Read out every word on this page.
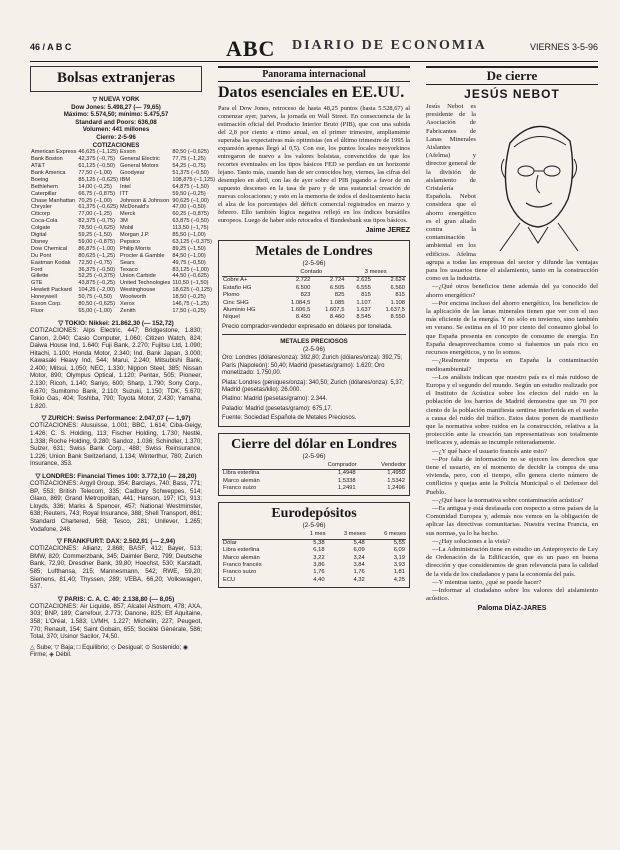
46 / A B C	ABC DIARIO DE ECONOMIA	VIERNES 3-5-96
Bolsas extranjeras
▽ NUEVA YORK
Dow Jones: 5.498,27 (— 79,65)
Máximo: 5.574,50; mínimo: 5.475,57
Standard and Poors: 636,08
Volumen: 441 millones
Cierre: 2-5-96
COTIZACIONES
American Express	46,625 (−1,125)	Exxon	80,50 (−0,625)
Bank Boston	42,375 (−0,75)	General Electric	77,75 (−1,25)
AT&T	61,125 (−0,50)	General Motors	54,25 (−0,75)
Bank America	77,50 (−1,00)	Goodyear	51,375 (−0,50)
Boeing	85,125 (−0,625)	IBM	108,875 (−1,125)
Bethlehem	14,00 (−0,25)	Intel	64,875 (−1,50)
Caterpillar	66,75 (−0,875)	ITT	59,50 (−0,25)
Chase Manhattan	70,25 (−1,00)	Johnson & Johnson	90,625 (−1,00)
Chrysler	61,375 (−0,625)	McDonald's	47,00 (−0,50)
Citicorp	77,00 (−1,25)	Merck	60,25 (−0,875)
Coca-Cola	82,375 (−0,75)	3M	63,875 (−0,50)
Colgate	78,50 (−0,625)	Mobil	113,50 (−1,75)
Digital	59,25 (−1,50)	Morgan J.P.	85,50 (−1,00)
Disney	59,00 (−0,875)	Pepsico	63,125 (−0,375)
Dow Chemical	86,875 (−1,00)	Philip Morris	89,25 (−1,50)
Du Pont	80,625 (−1,25)	Procter & Gamble	84,50 (−1,00)
Eastman Kodak	72,50 (−0,75)	Sears	49,75 (−0,50)
Ford	36,375 (−0,50)	Texaco	83,125 (−1,00)
Gillette	52,25 (−0,375)	Union Carbide	44,50 (−0,625)
GTE	43,875 (−0,25)	United Technologies	110,50 (−1,50)
Hewlett Packard	104,25 (−2,00)	Westinghouse	18,625 (−0,125)
Honeywell	50,75 (−0,50)	Woolworth	18,50 (−0,25)
Exxon Corp.	80,50 (−0,625)	Xerox	146,75 (−1,25)
Fluor	65,00 (−1,00)	Zenith	17,50 (−0,25)
▽ TOKIO: Nikkei: 21.862,30 (— 152,72)
COTIZACIONES: Alps Electric, 447; Bridgestone, 1.830; Canon, 2.040; Casio Computer, 1.060; Citizen Watch, 824; Daiwa House Ind, 1.640; Fuji Bank, 2.270; Fujitsu Ltd, 1.090; Hitachi, 1.100; Honda Motor, 2.340; Ind. Bank Japan, 3.000; Kawasaki Heavy Ind, 544; Marui, 2.240; Mitsubishi Bank, 2.400; Mitsui, 1.050; NEC, 1.330; Nippon Steel, 385; Nissan Motor, 890; Olympus Optical, 1.120; Pentax, 505; Pioneer, 2.130; Ricoh, 1.140; Sanyo, 600; Sharp, 1.790; Sony Corp., 6.670; Sumitomo Bank, 2.110; Suzuki, 1.150; TDK, 5.670; Tokio Gas, 404; Toshiba, 790; Toyota Motor, 2.430; Yamaha, 1.820.
▽ ZURICH: Swiss Performance: 2.047,07 (— 1,97)
COTIZACIONES: Alusuisse, 1.001; BBC, 1.614; Ciba-Geigy, 1.426; C. S. Holding, 113; Fischer Holding, 1.730; Nestlé, 1.338; Roche Holding, 9.280; Sandoz, 1.036; Schindler, 1.370; Sulzer, 631; Swiss Bank Corp., 488; Swiss Reinsurance, 1.226; Union Bank Switzerland, 1.134; Winterthur, 780; Zurich Insurance, 353.
▽ LONDRES: Financial Times 100: 3.772,10 (— 28,20)
COTIZACIONES: Argyll Group, 354; Barclays, 740; Bass, 771; BP, 553; British Telecom, 335; Cadbury Schweppes, 514; Glaxo, 869; Grand Metropolitan, 441; Hanson, 197; ICI, 913; Lloyds, 336; Marks & Spencer, 457; National Westminster, 638; Reuters, 743; Royal Insurance, 388; Shell Transport, 861; Standard Chartered, 568; Tesco, 281; Unilever, 1.265; Vodafone, 248.
▽ FRANKFURT: DAX: 2.502,91 (— 2,94)
COTIZACIONES: Allianz, 2.868; BASF, 412; Bayer, 513; BMW, 820; Commerzbank, 345; Daimler Benz, 799; Deutsche Bank, 72,90; Dresdner Bank, 39,80; Hoechst, 530; Karstadt, 585; Lufthansa, 215; Mannesmann, 542; RWE, 59,20; Siemens, 81,40; Thyssen, 289; VEBA, 66,20; Volkswagen, 537.
▽ PARIS: C. A. C. 40: 2.138,80 (— 8,05)
COTIZACIONES: Air Liquide, 857; Alcatel Alsthom, 478; AXA, 303; BNP, 189; Carrefour, 2.773; Danone, 825; Elf Aquitaine, 358; L'Oréal, 1.583; LVMH, 1.227; Michelin, 227; Peugeot, 770; Renault, 154; Saint Gobain, 655; Société Générale, 586; Total, 370; Usinor Sacilor, 74,50.
△ Sube; ▽ Baja; □ Equilibrio; ◇ Desigual; ⊙ Sostenido; ◉ Firme; ◈ Débil.
Panorama internacional
Datos esenciales en EE.UU.
Para el Dow Jones, retroceso de hasta 48,25 puntos (hasta 5.528,67) al comenzar ayer, jueves, la jornada en Wall Street. En consecuencia de la estimación oficial del Producto Interior Bruto (PIB), que con una subida del 2,8 por ciento a ritmo anual, en el primer trimestre, ampliamente superaba las expectativas más optimistas (en el último trimestre de 1995 la expansión apenas llegó al 0,5). Con ese, los puntos locales neoyorkinos entregaron de nuevo a los valores bolsistas, convencidos de que los recortes eventuales en los tipos básicos FED se perdían en un horizonte lejano. Tanto más, cuando han de ser conocidos hoy, viernes, las cifras del desempleo en abril, con las de ayer sobre el PIB jugando a favor de un supuesto descenso en la tasa de paro y de una sustancial creación de nuevas colocaciones; y esto en la memoria de todos el deslizamiento hacia el alza de los porcentajes del déficit comercial registrados en marzo y febrero. Ello también lógica negativa reflejó en los índices bursátiles europeos. Luego de haber sido retocados el Bundesbank sus tipos básicos.
Jaime JEREZ
Metales de Londres
(2-5-96)
	Contado		3 meses	
Cobre A+	2.722	2.724	2.625	2.624
Estaño HG	6.500	6.505	6.555	6.560
Plomo	823	825	815	815
Cinc SHG	1.084,5	1.085	1.107	1.108
Aluminio HG	1.606,5	1.607,5	1.637	1.637,5
Níquel	8.450	8.460	8.545	8.550
Precio comprador-vendedor expresado en dólares por tonelada.
METALES PRECIOSOS
(2-5-96)
Oro: Londres (dólares/onza): 392,80; Zurich (dólares/onza): 392,75; París (Napoleón): 50,40; Madrid (pesetas/gramo): 1.620; Oro monetizado: 1.750,00.
Plata: Londres (peniques/onza): 340,50; Zurich (dólares/onza): 5,37; Madrid (pesetas/kilo): 26.000.
Platino: Madrid (pesetas/gramo): 2.344.
Paladio: Madrid (pesetas/gramo): 675,17.
Fuente: Sociedad Española de Metales Preciosos.
Cierre del dólar en Londres
(2-5-96)
	Comprador	Vendedor
Libra esterlina	1,4948	1,4950
Marco alemán	1,5338	1,5342
Franco suizo	1,2491	1,2496
Eurodepósitos
(2-5-96)
	1 mes	3 meses	6 meses
Dólar	5,38	5,48	5,55
Libra esterlina	6,18	6,09	6,09
Marco alemán	3,22	3,24	3,19
Franco francés	3,86	3,84	3,93
Franco suizo	1,76	1,76	1,81
ECU	4,40	4,32	4,25
De cierre
JESÚS NEBOT
Jesús Nebot es presidente de la Asociación de Fabricantes de Lanas Minerales Aislantes (Afelma) y director general de la división de aislamiento de Cristalería Española. Nebot considera que el ahorro energético es el gran aliado contra la contaminación ambiental en los edificios. Afelma agrupa a todas las empresas del sector y difunde las ventajas para los usuarios tiene el aislamiento, tanto en la construcción como en la industria.
—¿Qué otros beneficios tiene además del ya conocido del ahorro energético?
—Por encima incluso del ahorro energético, los beneficios de la aplicación de las lanas minerales tienen que ver con el uso más eficiente de la energía. Y no sólo en invierno, sino también en verano. Se estima en el 10 por ciento del consumo global lo que España presenta en concepto de consumo de energía. En España desaprovechamos como si fuésemos un país rico en recursos energéticos, y no lo somos.
—¿Realmente importa en España la contaminación medioambiental?
—Los análisis indican que nuestro país es el más ruidoso de Europa y el segundo del mundo. Según un estudio realizado por el Instituto de Acústica sobre los efectos del ruido en la población de los barrios de Madrid demuestra que un 70 por ciento de la población manifiesta sentirse interferida en el sueño a causa del ruido del tráfico. Estos datos ponen de manifiesto que la normativa sobre ruidos en la construcción, relativa a la protección ante la creación tan representativas son totalmente ineficaces y, además se incumple reiteradamente.
—¿Y qué hace el usuario francés ante esto?
—Por falta de información no se ejercen los derechos que tiene el usuario, en el momento de decidir la compra de una vivienda, pero, con el tiempo, ello genera cierto número de conflictos y quejas ante la Policía Municipal o el Defensor del Pueblo.
—¿Qué hace la normativa sobre contaminación acústica?
—Es antigua y está desfasada con respecto a otros países de la Comunidad Europea y, además nos vemos en la obligación de aplicar las directivas comunitarias. Nuestra vecina Francia, en sus normas, ya lo ha hecho.
—¿Hay soluciones a la vista?
—La Administración tiene en estudio un Anteproyecto de Ley de Ordenación de la Edificación, que es un paso en buena dirección y que consideramos de gran relevancia para la calidad de la vida de los ciudadanos y para la economía del país.
—Y mientras tanto, ¿qué se puede hacer?
—Informar al ciudadano sobre los valores del aislamiento acústico.
Paloma DÍAZ-JARES
